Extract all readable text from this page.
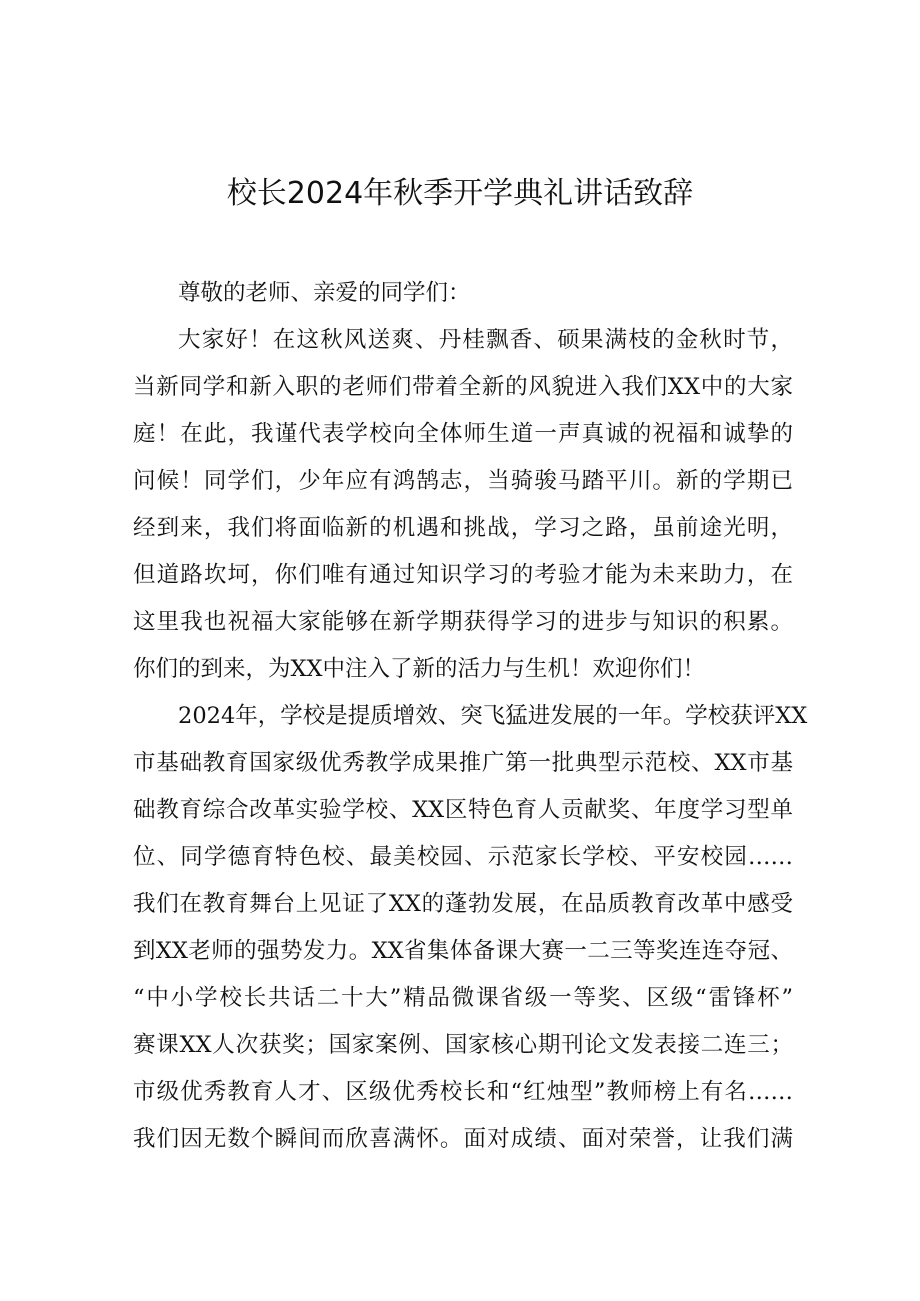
校长2024年秋季开学典礼讲话致辞

尊敬的老师、亲爱的同学们：

大家好！在这秋风送爽、丹桂飘香、硕果满枝的金秋时节，
当新同学和新入职的老师们带着全新的风貌进入我们XX中的大家
庭！在此，我谨代表学校向全体师生道一声真诚的祝福和诚挚的
问候！同学们，少年应有鸿鹄志，当骑骏马踏平川。新的学期已
经到来，我们将面临新的机遇和挑战，学习之路，虽前途光明，
但道路坎坷，你们唯有通过知识学习的考验才能为未来助力，在
这里我也祝福大家能够在新学期获得学习的进步与知识的积累。
你们的到来，为XX中注入了新的活力与生机！欢迎你们！

2024年，学校是提质增效、突飞猛进发展的一年。学校获评XX
市基础教育国家级优秀教学成果推广第一批典型示范校、XX市基
础教育综合改革实验学校、XX区特色育人贡献奖、年度学习型单
位、同学德育特色校、最美校园、示范家长学校、平安校园……
我们在教育舞台上见证了XX的蓬勃发展，在品质教育改革中感受
到XX老师的强势发力。XX省集体备课大赛一二三等奖连连夺冠、
“中小学校长共话二十大”精品微课省级一等奖、区级“雷锋杯”
赛课XX人次获奖；国家案例、国家核心期刊论文发表接二连三；
市级优秀教育人才、区级优秀校长和“红烛型”教师榜上有名……
我们因无数个瞬间而欣喜满怀。面对成绩、面对荣誉，让我们满
